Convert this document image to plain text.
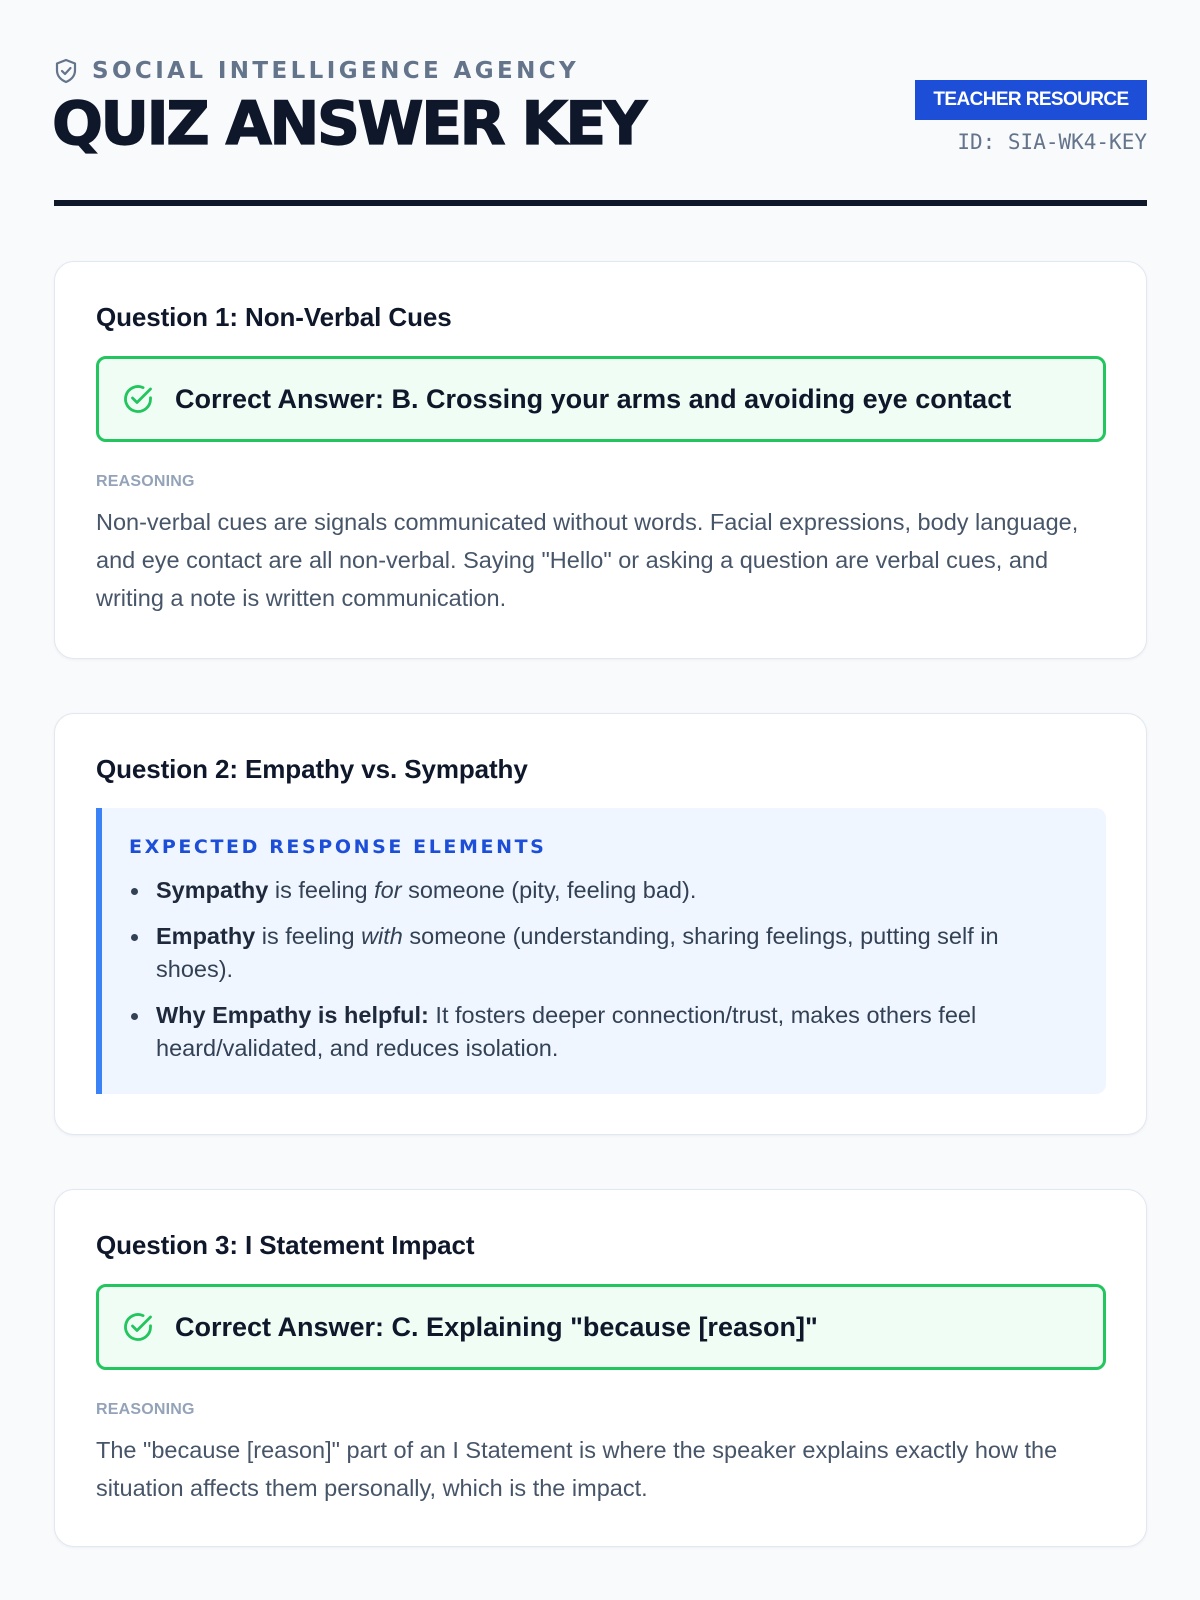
SOCIAL INTELLIGENCE AGENCY
QUIZ ANSWER KEY	TEACHER RESOURCE
ID: SIA-WK4-KEY
Question 1: Non-Verbal Cues
Correct Answer: B. Crossing your arms and avoiding eye contact
REASONING

Non-verbal cues are signals communicated without words. Facial expressions, body language, and eye contact are all non-verbal. Saying "Hello" or asking a question are verbal cues, and writing a note is written communication.

Question 2: Empathy vs. Sympathy
EXPECTED RESPONSE ELEMENTS
Sympathy is feeling for someone (pity, feeling bad).
Empathy is feeling with someone (understanding, sharing feelings, putting self in shoes).
Why Empathy is helpful: It fosters deeper connection/trust, makes others feel heard/validated, and reduces isolation.
Question 3: I Statement Impact
Correct Answer: C. Explaining "because [reason]"
REASONING

The "because [reason]" part of an I Statement is where the speaker explains exactly how the situation affects them personally, which is the impact.
